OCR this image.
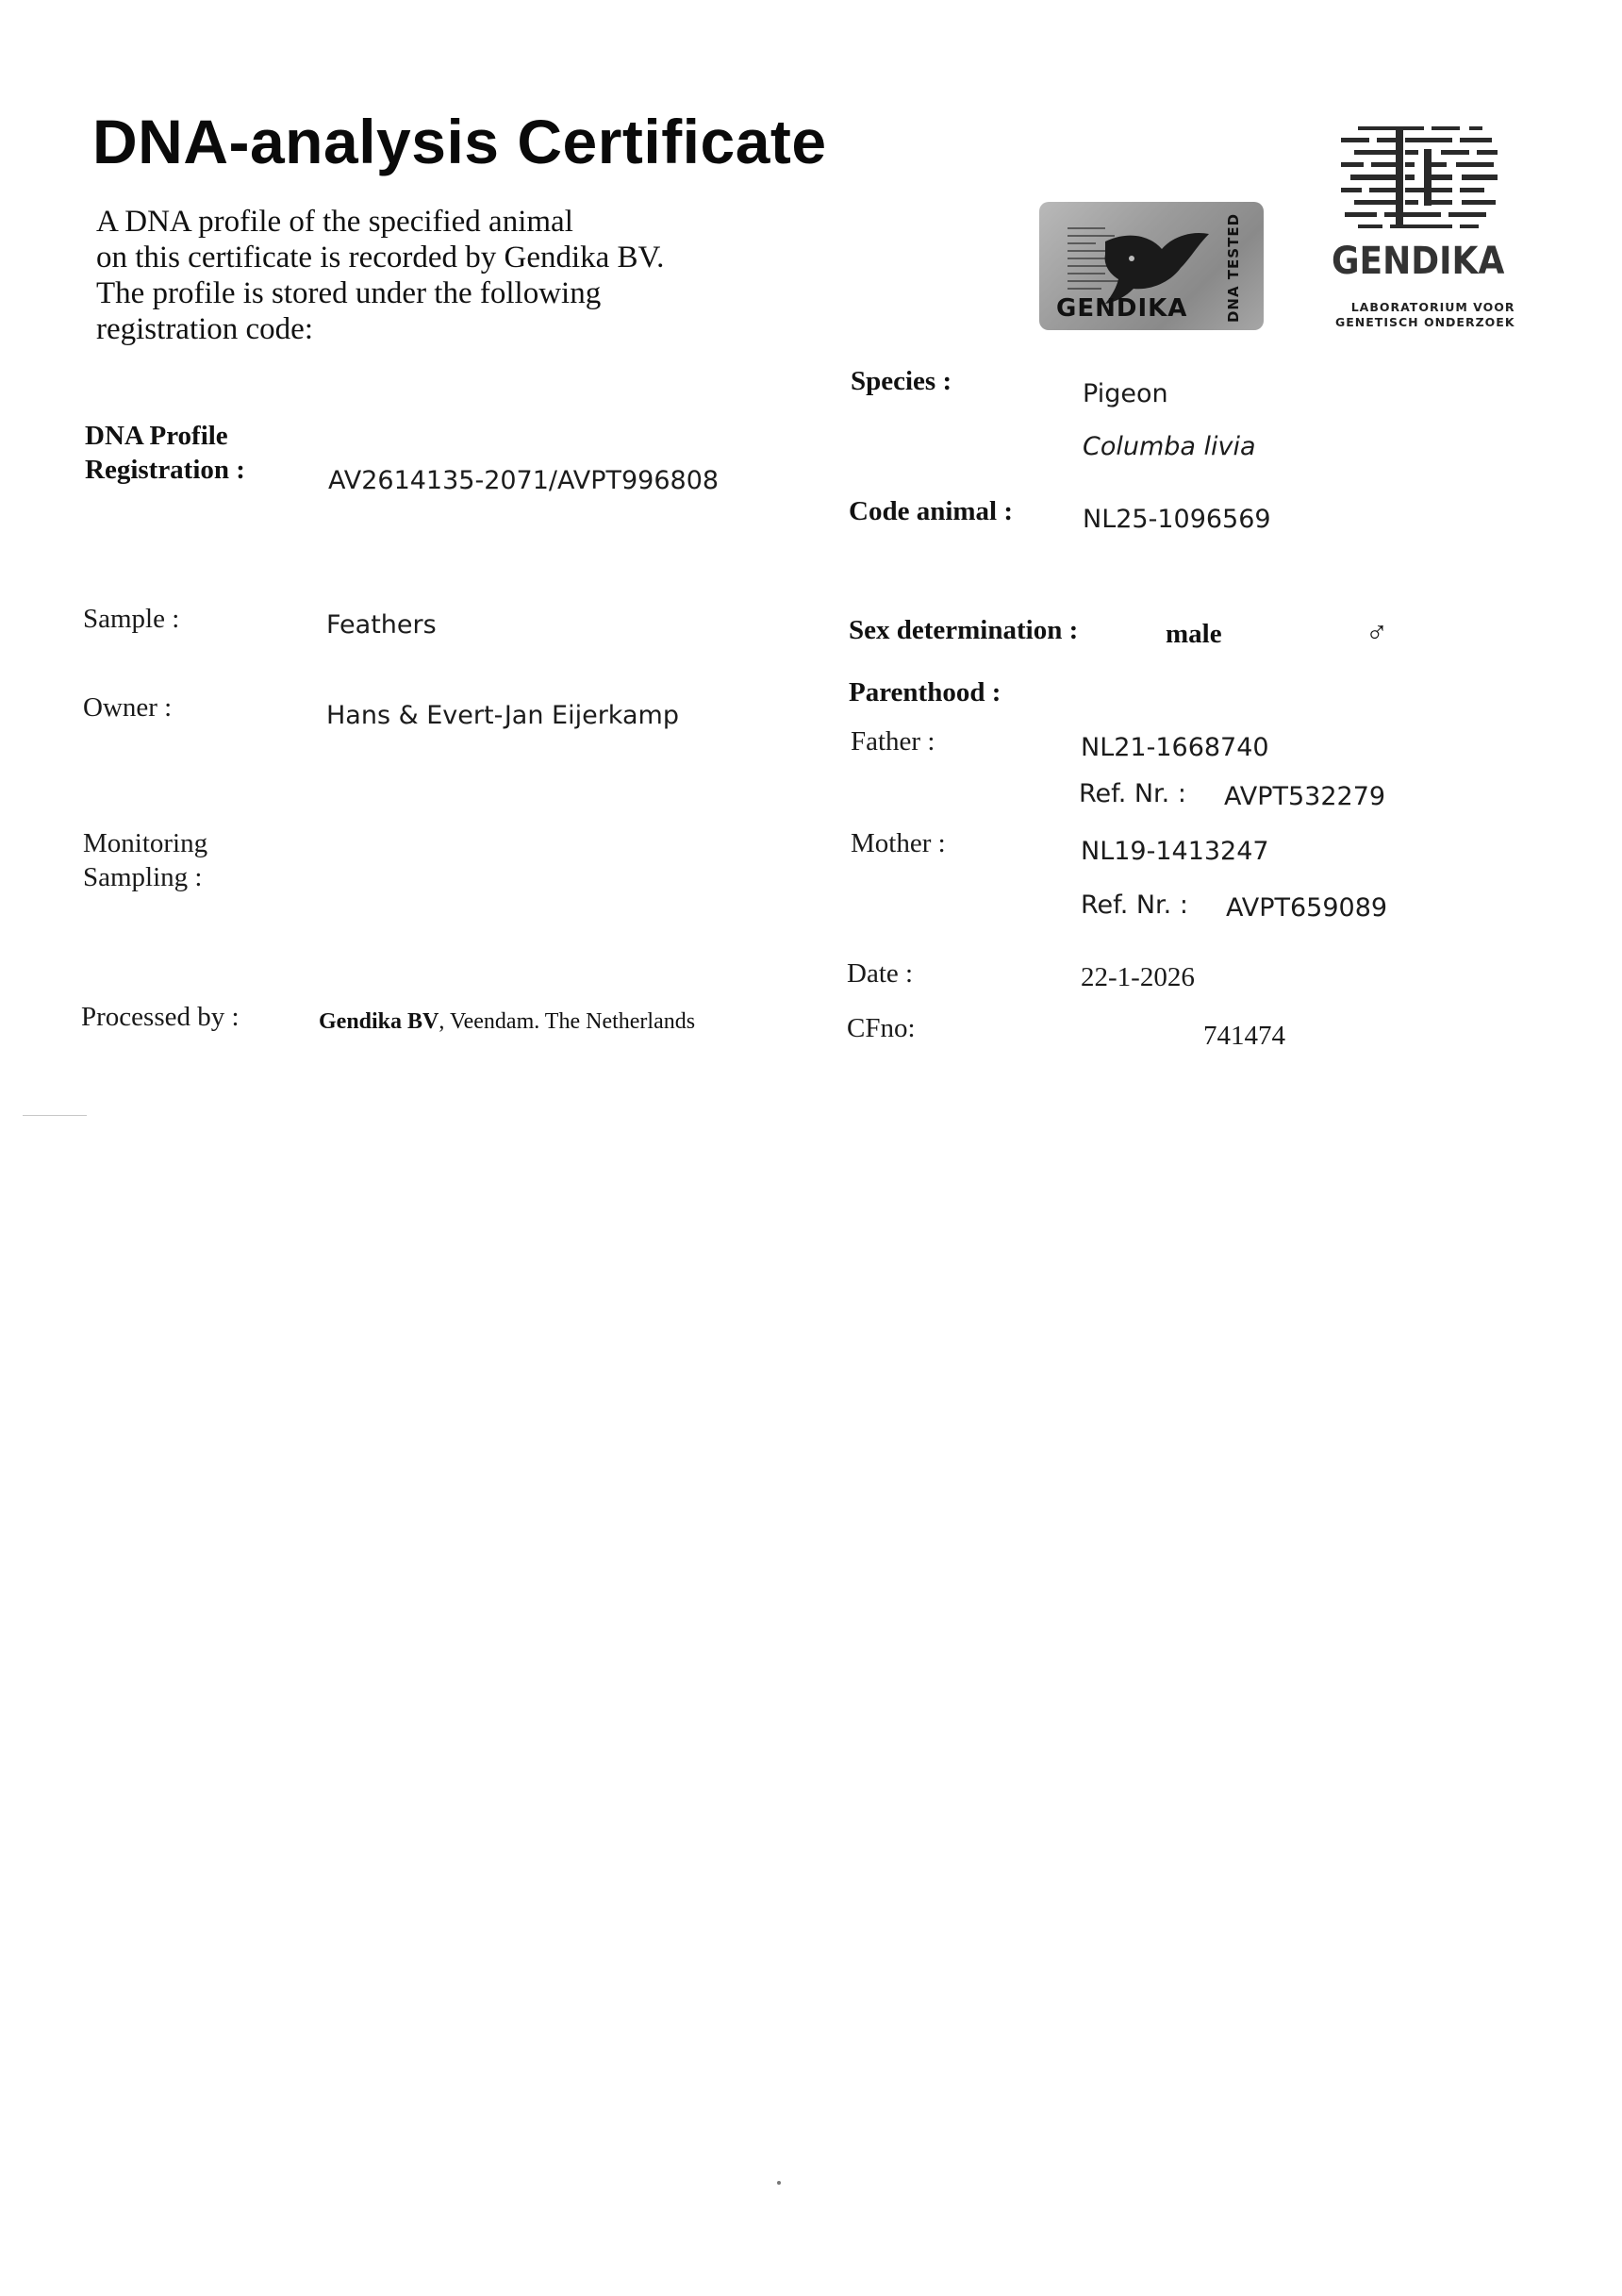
DNA-analysis Certificate
A DNA profile of the specified animal
on this certificate is recorded by Gendika BV.
The profile is stored under the following
registration code:
GENDIKA	DNA TESTED GENDIKA
LABORATORIUM VOOR
GENETISCH ONDERZOEK
DNA Profile
Registration :	AV2614135-2071/AVPT996808
Sample :	Feathers
Owner :	Hans & Evert-Jan Eijerkamp
Monitoring
Sampling :
Processed by :	Gendika BV, Veendam. The Netherlands
Species :	Pigeon
Columba livia
Code animal :	NL25-1096569
Sex determination :	male	♂
Parenthood :
Father :	NL21-1668740
Ref. Nr. : AVPT532279
Mother :	NL19-1413247
Ref. Nr. : AVPT659089
Date :	22-1-2026
CFno:	741474
